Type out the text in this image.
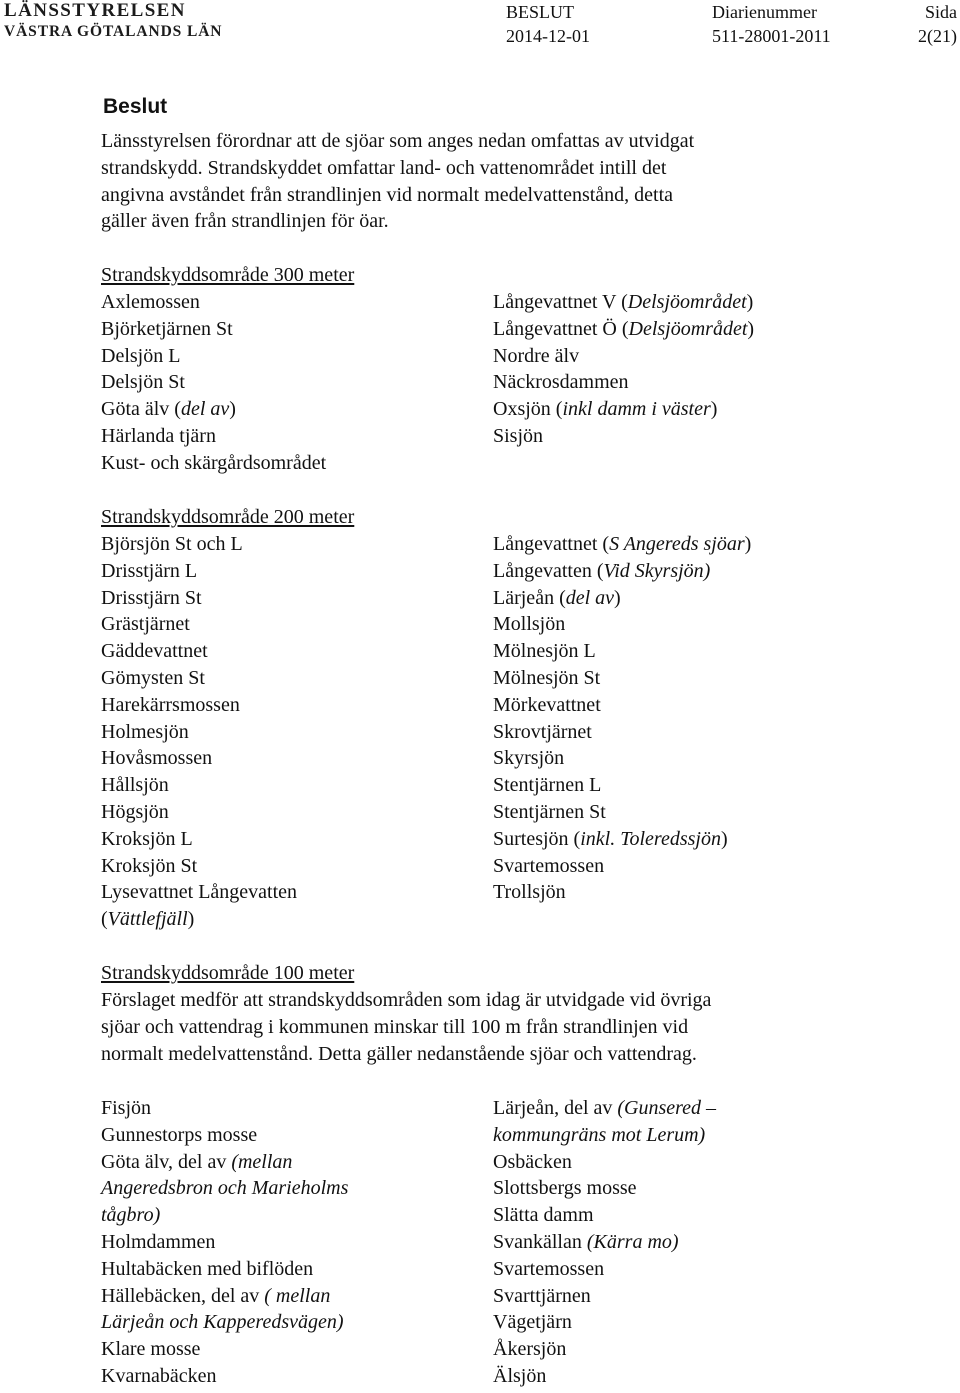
LÄNSSTYRELSEN
VÄSTRA GÖTALANDS LÄN
BESLUT
2014-12-01
Diarienummer
511-28001-2011
Sida
2(21)
Beslut
Länsstyrelsen förordnar att de sjöar som anges nedan omfattas av utvidgat
strandskydd. Strandskyddet omfattar land- och vattenområdet intill det
angivna avståndet från strandlinjen vid normalt medelvattenstånd, detta
gäller även från strandlinjen för öar.
Strandskyddsområde 300 meter
Axlemossen
Björketjärnen St
Delsjön L
Delsjön St
Göta älv (del av)
Härlanda tjärn
Kust- och skärgårdsområdet
Långevattnet V (Delsjöområdet)
Långevattnet Ö (Delsjöområdet)
Nordre älv
Näckrosdammen
Oxsjön (inkl damm i väster)
Sisjön
Strandskyddsområde 200 meter
Björsjön St och L
Drisstjärn L
Drisstjärn St
Grästjärnet
Gäddevattnet
Gömysten St
Harekärrsmossen
Holmesjön
Hovåsmossen
Hållsjön
Högsjön
Kroksjön L
Kroksjön St
Lysevattnet Långevatten
(Vättlefjäll)
Långevattnet (S Angereds sjöar)
Långevatten (Vid Skyrsjön)
Lärjeån (del av)
Mollsjön
Mölnesjön L
Mölnesjön St
Mörkevattnet
Skrovtjärnet
Skyrsjön
Stentjärnen L
Stentjärnen St
Surtesjön (inkl. Toleredssjön)
Svartemossen
Trollsjön
Strandskyddsområde 100 meter
Förslaget medför att strandskyddsområden som idag är utvidgade vid övriga
sjöar och vattendrag i kommunen minskar till 100 m från strandlinjen vid
normalt medelvattenstånd. Detta gäller nedanstående sjöar och vattendrag.
Fisjön
Gunnestorps mosse
Göta älv, del av (mellan
Angeredsbron och Marieholms
tågbro)
Holmdammen
Hultabäcken med biflöden
Hällebäcken, del av ( mellan
Lärjeån och Kapperedsvägen)
Klare mosse
Kvarnabäcken
Lärjeån, del av (Gunsered –
kommungräns mot Lerum)
Osbäcken
Slottsbergs mosse
Slätta damm
Svankällan (Kärra mo)
Svartemossen
Svarttjärnen
Vägetjärn
Åkersjön
Älsjön
